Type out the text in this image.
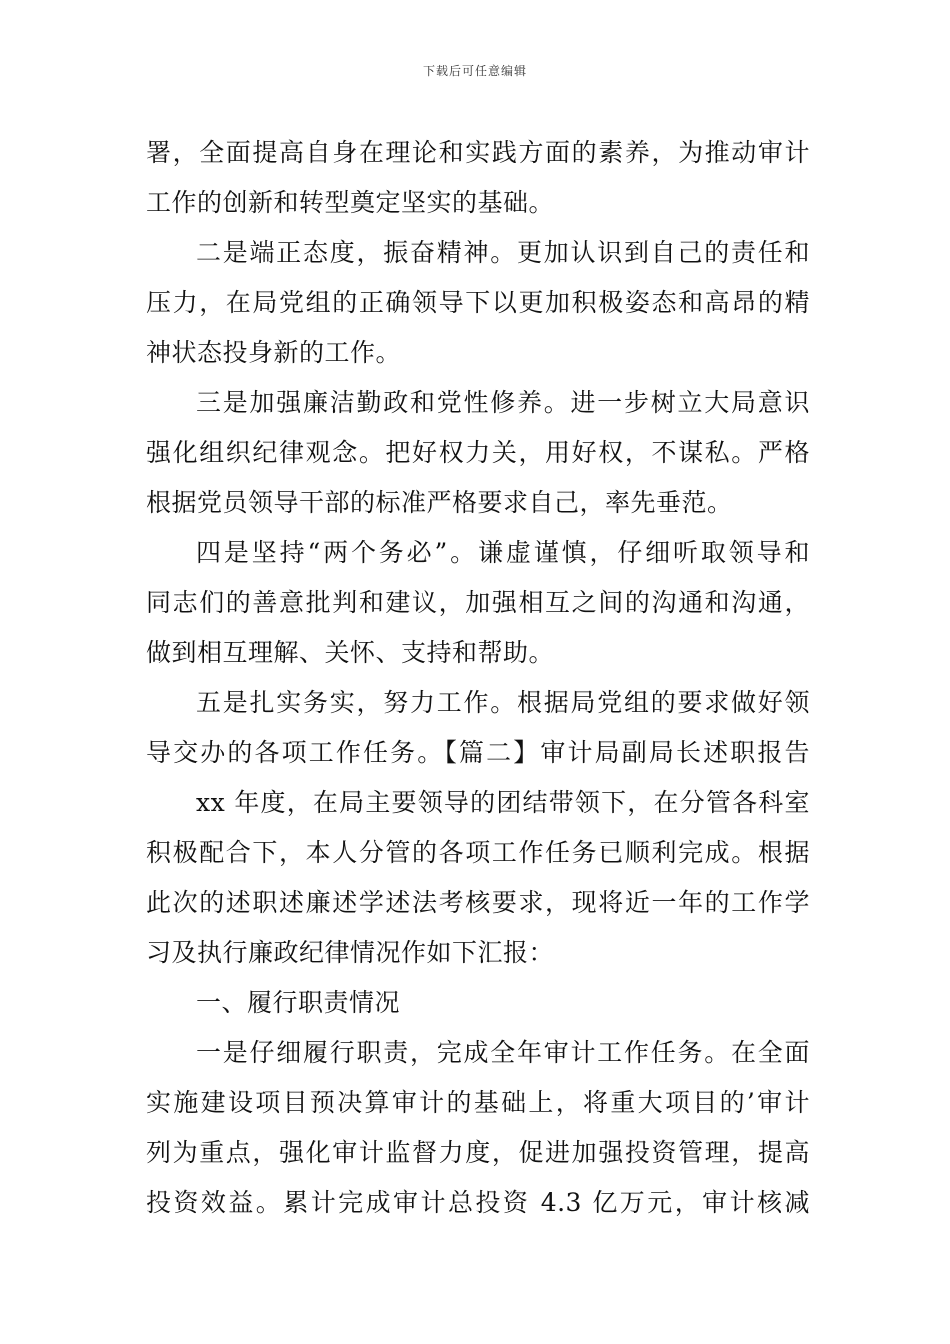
下载后可任意编辑
署，全面提高自身在理论和实践方面的素养，为推动审计
工作的创新和转型奠定坚实的基础。
二是端正态度，振奋精神。更加认识到自己的责任和
压力，在局党组的正确领导下以更加积极姿态和高昂的精
神状态投身新的工作。
三是加强廉洁勤政和党性修养。进一步树立大局意识
强化组织纪律观念。把好权力关，用好权，不谋私。严格
根据党员领导干部的标准严格要求自己，率先垂范。
四是坚持“两个务必”。谦虚谨慎，仔细听取领导和
同志们的善意批判和建议，加强相互之间的沟通和沟通，
做到相互理解、关怀、支持和帮助。
五是扎实务实，努力工作。根据局党组的要求做好领
导交办的各项工作任务。【篇二】审计局副局长述职报告
xx 年度，在局主要领导的团结带领下，在分管各科室
积极配合下，本人分管的各项工作任务已顺利完成。根据
此次的述职述廉述学述法考核要求，现将近一年的工作学
习及执行廉政纪律情况作如下汇报：
一、履行职责情况
一是仔细履行职责，完成全年审计工作任务。在全面
实施建设项目预决算审计的基础上，将重大项目的’审计
列为重点，强化审计监督力度，促进加强投资管理，提高
投资效益。累计完成审计总投资 4.3 亿万元，审计核减
